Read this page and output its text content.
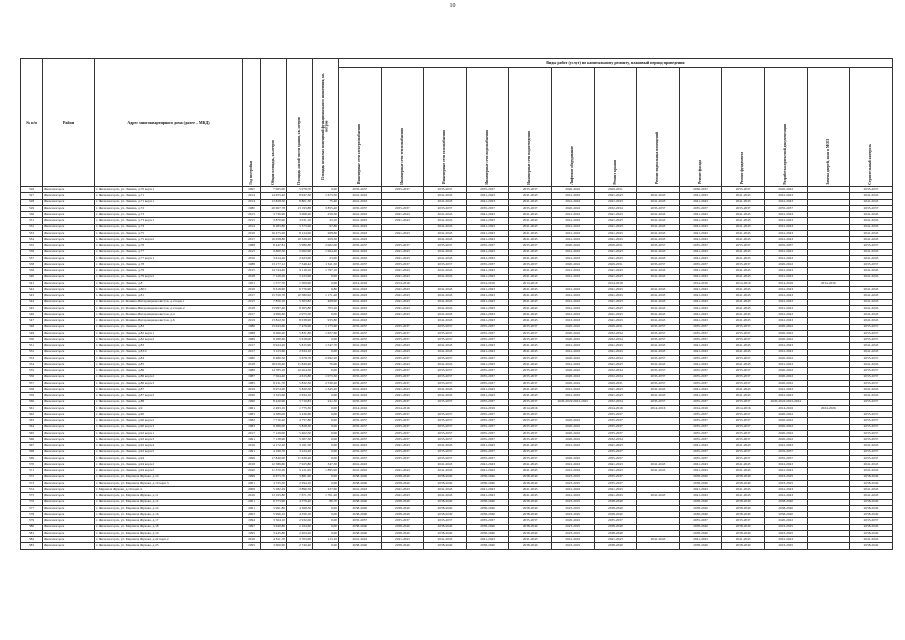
10
№ п/п	Район	Адрес многоквартирного дома (далее – МКД)	Год постройки	Общая площадь, кв.метров	Площадь жилой части здания, кв. метров	Площадь нежилых помещений функционального назначения, кв. метров	Виды работ (услуг) по капитальному ремонту, плановый период проведения												
							Инженерные сети электроснабжения	Инженерные сети теплоснабжения	Инженерные сети газоснабжения	Инженерные сети водоснабжения	Инженерные сети водоотведения	Лифтовое оборудование	Ремонт крыши	Ремонт подвальных помещений	Ремонт фасада	Ремонт фундамента	Разработка проектной документации	Замена дверей, окон в МОП	Строительный контроль
526	Железногорск	г. Железногорск, ул. Ленина, д.70 корп.1	1997	7 065,00	5 078,70	0,00	2035-2037	2035-2037	2035-2037	2035-2037	2035-2037	2020-2022	2029-2031		2036-2037	2035-2037	2020-2022		2035-2037
527	Железногорск	г. Железногорск, ул. Ленина, д.71	2014	14 655,40	8 947,30	1 673,50	2041-2043		2041-2043	2041-2043	2041-2043	2041-2043	2041-2043	2041-2043	2041-2043	2041-2043	2041-2043		2041-2043
528	Железногорск	г. Железногорск, ул. Ленина, д.71 корп.1	2014	13 828,50	8 801,30	75,40	2041-2043		2041-2043	2041-2043	2041-2043	2041-2043	2041-2043	2041-2043	2041-2043	2041-2043	2041-2043		2041-2043
529	Железногорск	г. Железногорск, ул. Ленина, д.72	1980	20 067,78	13 195,88	3 855,40	2035-2037	2035-2037	2035-2037	2035-2037	2035-2037	2020-2022	2032-2034	2035-2037	2035-2037	2035-2037	2035-2037		2035-2037
530	Железногорск	г. Железногорск, ул. Ленина, д.73	2015	3 730,90	3 008,20	256,50	2041-2043	2041-2043	2041-2043	2041-2043	2041-2043	2041-2043	2041-2043	2041-2043	2041-2043	2041-2043	2041-2043		2041-2043
531	Железногорск	г. Железногорск, ул. Ленина, д.73 корп.1	2015	3 870,90	3 031,10	23,10	2041-2043	2041-2043	2041-2043	2041-2043	2041-2043	2041-2043	2041-2043	2041-2043	2041-2043	2041-2043	2041-2043		2041-2043
532	Железногорск	г. Железногорск, ул. Ленина, д.74	2014	8 283,80	5 373,00	97,80	2041-2043		2041-2043	2041-2043	2041-2043	2041-2043	2041-2043	2041-2043	2041-2043	2041-2043	2041-2043		2041-2043
533	Железногорск	г. Железногорск, ул. Ленина, д.75	2016	10 475,20	8 124,00	268,60	2041-2043	2041-2043	2041-2043	2041-2043	2041-2043	2041-2043	2041-2043	2041-2043	2041-2043	2041-2043	2041-2043		2041-2043
534	Железногорск	г. Железногорск, ул. Ленина, д.75 корп.2	2017	16 058,80	10 528,20	209,30	2041-2043		2041-2043	2041-2043	2041-2043	2041-2043	2041-2043	2041-2043	2041-2043	2041-2043	2041-2043		2041-2043
535	Железногорск	г. Железногорск, ул. Ленина, д.76	1988	8 447,81	5 980,80	2 062,00	2035-2037	2035-2037	2035-2037	2035-2037	2035-2037	2020-2022	2029-2031	2035-2037	2035-2037	2035-2037	2035-2037		2035-2037
536	Железногорск	г. Железногорск, ул. Ленина, д.77	2015	9 860,50	5 062,90	1 064,40	2041-2043	2041-2043	2041-2043	2041-2043	2041-2043	2041-2043	2041-2043	2041-2043	2041-2043	2041-2043	2041-2043		2041-2043
537	Железногорск	г. Железногорск, ул. Ленина, д.77 корп.1	2016	3 614,20	2 623,00	23,00	2041-2043	2041-2043	2041-2043	2041-2043	2041-2043	2041-2043	2041-2043	2041-2043	2041-2043	2041-2043	2041-2043		2041-2043
538	Железногорск	г. Железногорск, ул. Ленина, д.78	1988	13 177,12	7 549,42	1 611,50	2035-2037	2035-2037	2035-2037	2035-2037	2035-2037	2020-2022	2029-2031	2035-2037	2035-2037	2035-2037	2020-2022		2035-2037
539	Железногорск	г. Железногорск, ул. Ленина, д.79	2015	14 744,40	9 118,10	1 797,10	2041-2043	2041-2043	2041-2043	2041-2043	2041-2043	2041-2043	2041-2043	2041-2043	2041-2043	2041-2043	2041-2043		2041-2043
540	Железногорск	г. Железногорск, ул. Ленина, д.79 корп.2	2018	7 129,20	5 223,90	0,00	2041-2043	2041-2043	2041-2043	2041-2043	2041-2043	2041-2043	2041-2043	2041-2043	2041-2043	2041-2043	2041-2043		2041-2043
541	Железногорск	г. Железногорск, ул. Ленина, д.8	1951	1 577,70	1 509,90	0,00	2014-2016	2014-2016		2014-2016	2014-2016		2014-2016		2014-2016	2014-2016	2014-2016	2014-2016	
542	Железногорск	г. Железногорск, ул. Ленина, д.80/1	2016	9 618,60	6 776,90	6,80	2041-2043	2041-2043	2041-2043	2041-2043	2041-2043	2041-2043	2041-2043	2041-2043	2041-2043	2041-2043	2041-2043		2041-2043
543	Железногорск	г. Железногорск, ул. Ленина, д.81	2017	15 550,70	10 380,92	1 171,40	2041-2043	2041-2043	2041-2043	2041-2043	2041-2043	2041-2043	2041-2043	2041-2043	2041-2043	2041-2043	2041-2043		2041-2043
544	Железногорск	г. Железногорск, ул. Фанина-Интернационалистов, д.2 корп.1	2015	7 850,10	5 303,82	468,90	2041-2043	2041-2043	2041-2043	2041-2043	2041-2043	2041-2043	2041-2043	2041-2043	2041-2043	2041-2043	2041-2043		2041-2043
545	Железногорск	г. Железногорск, ул. Фанина-Интернационалистов, д.2 корп.2	2018	13 997,40	8 305,80	705,20	2041-2043	2041-2043	2041-2043	2041-2043	2041-2043	2041-2043	2041-2043	2041-2043	2041-2043	2041-2043	2041-2043		2041-2043
546	Железногорск	г. Железногорск, ул. Фанина-Интернационалистов, д.4	2017	4 699,60	2 975,50	0,00	2041-2043	2041-2043	2041-2043	2041-2043	2041-2043	2041-2043	2041-2043	2041-2043	2041-2043	2041-2043	2041-2043		2041-2043
547	Железногорск	г. Железногорск, ул. Фанина-Интернационалистов, д.6	2019	13 822,50	8 038,90	935,80	2041-2043		2041-2043	2041-2043	2041-2043	2041-2043	2041-2043	2041-2043	2041-2043	2041-2043	2041-2043		2041-2043
548	Железногорск	г. Железногорск, ул. Ленина, д.82	1986	13 043,60	7 476,90	1 173,60	2035-2037	2035-2037	2035-2037	2035-2037	2035-2037	2020-2022	2029-2031	2035-2037	2035-2037	2035-2037	2020-2022		2035-2037
549	Железногорск	г. Железногорск, ул. Ленина, д.82 корп.1	1988	9 060,20	5 831,80	1 657,60	2035-2037	2035-2037	2035-2037	2035-2037	2035-2037	2020-2022	2032-2034	2035-2037	2035-2037	2035-2037	2020-2022		2035-2037
550	Железногорск	г. Железногорск, ул. Ленина, д.82 корп.2	1989	8 289,60	5 618,00	0,00	2035-2037	2035-2037	2035-2037	2035-2037	2035-2037	2020-2022	2032-2034	2035-2037	2035-2037	2035-2037	2020-2022		2035-2037
551	Железногорск	г. Железногорск, ул. Ленина, д.83	2017	9 924,20	5 815,90	1 547,70	2041-2043	2041-2043	2041-2043	2041-2043	2041-2043	2041-2043	2041-2043	2041-2043	2041-2043	2041-2043	2041-2043		2041-2043
552	Железногорск	г. Железногорск, ул. Ленина, д.83/2	2017	3 123,60	2 634,10	0,00	2041-2043	2041-2043	2041-2043	2041-2043	2041-2043	2041-2043	2041-2043	2041-2043	2041-2043	2041-2043	2041-2043		2041-2043
553	Железногорск	г. Железногорск, ул. Ленина, д.84	1980	8 480,50	5 678,70	2 092,20	2035-2037	2035-2037	2035-2037	2035-2037	2035-2037	2020-2022	2032-2034	2035-2037	2035-2037	2035-2037	2020-2022		2035-2037
554	Железногорск	г. Железногорск, ул. Ленина, д.85	2018	18 016,40	11 849,40	76,90	2041-2043	2041-2043	2041-2043	2041-2043	2041-2043	2041-2043	2041-2043	2041-2043	2041-2043	2041-2043	2041-2043		2041-2043
555	Железногорск	г. Железногорск, ул. Ленина, д.86	1989	14 785,10	10 204,30	0,00	2035-2037	2035-2037	2035-2037	2035-2037	2035-2037	2020-2022	2032-2034	2035-2037	2035-2037	2035-2037	2020-2022		2035-2037
556	Железногорск	г. Железногорск, ул. Ленина, д.86 корп.2	1987	7 564,40	4 615,80	1 073,30	2035-2037	2035-2037	2035-2037	2035-2037	2035-2037	2020-2022	2032-2034	2035-2037	2035-2037	2035-2037	2020-2022		2035-2037
557	Железногорск	г. Железногорск, ул. Ленина, д.86 корп.3	1985	8 231,70	5 832,50	2 530,20	2035-2037	2035-2037	2035-2037	2035-2037	2035-2037	2020-2022	2029-2031	2035-2037	2035-2037	2035-2037	2020-2022		2035-2037
558	Железногорск	г. Железногорск, ул. Ленина, д.87	2019	9 974,20	5 820,50	1 345,20	2041-2043	2041-2043	2041-2043	2041-2043	2041-2043	2041-2043	2041-2043	2041-2043	2041-2043	2041-2043	2041-2043		2041-2043
559	Железногорск	г. Железногорск, ул. Ленина, д.87 корп.2	2026	3 323,60	2 634,10	0,00	2041-2043	2041-2043	2041-2043	2041-2043	2041-2043	2041-2043	2041-2043	2041-2043	2041-2043	2041-2043	2041-2043		2041-2043
560	Железногорск	г. Железногорск, ул. Ленина, д.88	1990	8 420,90	5 719,83	241,30	2035-2037	2035-2037	2035-2037	2035-2037	2035-2037	2020-2022/2023-2025	2032-2034	2035-2037	2035-2037	2035-2037	2020-2022/2023-2024		2035-2037
561	Железногорск	г. Железногорск, ул. Ленина, д.9	1961	2 493,10	1 775,30	0,00	2014-2016	2014-2016		2014-2016	2014-2016		2014-2016	2014-2016	2014-2016	2014-2016	2014-2016	2024-2026	
562	Железногорск	г. Железногорск, ул. Ленина, д.90	1983	4 389,00	3 436,60	0,00	2035-2037	2035-2037	2035-2037	2035-2037	2035-2037		2035-2037		2035-2037	2035-2037	2020-2022		2035-2037
563	Железногорск	г. Железногорск, ул. Ленина, д.90 корп.2	1982	7 716,20	4 757,80	0,00	2035-2037	2035-2037	2035-2037	2035-2037	2035-2037	2020-2022	2035-2037		2035-2037	2035-2037	2020-2022		2035-2037
564	Железногорск	г. Железногорск, ул. Ленина, д.90 корп.3	1983	9 389,00	5 828,30	0,00	2035-2037	2035-2037	2035-2037	2035-2037	2035-2037	2020-2022	2035-2037		2035-2037	2035-2037	2020-2022		2035-2037
565	Железногорск	г. Железногорск, ул. Ленина, д.92 корп.1	2017	7 129,00	5 402,50	0,00	2035-2037	2035-2037	2035-2037	2035-2037	2035-2037	2020-2022	2035-2037		2035-2037	2035-2037	2020-2022		2035-2037
566	Железногорск	г. Железногорск, ул. Ленина, д.92 корп.3	1991	7 138,90	5 307,50	0,00	2035-2037	2035-2037	2035-2037	2035-2037	2035-2037	2020-2022	2032-2034		2035-2037	2035-2037	2020-2022		2035-2037
567	Железногорск	г. Железногорск, ул. Ленина, д.92 корп.4	2016	4 172,20	3 161,50	0,00	2041-2043	2041-2043	2041-2043	2041-2043	2041-2043	2041-2043	2041-2043		2041-2043	2041-2043	2041-2043		2041-2043
568	Железногорск	г. Железногорск, ул. Ленина, д.92 корп.5	1991	4 199,70	3 224,20	0,00	2035-2037	2035-2037	2035-2037	2035-2037	2035-2037		2035-2037		2035-2037	2035-2037	2035-2037		2035-2037
569	Железногорск	г. Железногорск, ул. Ленина, д.94	1996	17 840,00	11 636,20	0,00	2035-2037	2035-2037	2035-2037	2035-2037	2035-2037	2020-2022	2035-2037		2035-2037	2035-2037	2035-2037		2035-2037
570	Железногорск	г. Железногорск, ул. Ленина, д.94 корп.2	2018	12 586,60	7 925,80	347,30	2041-2043		2041-2043	2041-2043	2041-2043	2041-2043	2041-2043	2041-2043	2041-2043	2041-2043	2041-2043		2041-2043
571	Железногорск	г. Железногорск, ул. Ленина, д.94 корп.2	2020	11 370,20	5 121,95	1 895,90	2041-2043	2041-2043	2041-2043	2041-2043	2041-2043	2041-2043	2041-2043	2041-2043	2041-2043	2041-2043	2041-2043		2041-2043
572	Железногорск	г. Железногорск, ул. Маршала Жукова, д.10	1999	6 673,70	3 881,90	0,00	2038-2040	2038-2040	2038-2040	2038-2040	2038-2040	2023-2025	2035-2037		2038-2040	2038-2040	2023-2025		2038-2040
573	Железногорск	г. Железногорск, ул. Маршала Жукова, д.10 корп.3	2001	3 725,50	2 294,10	0,00	2038-2040	2038-2040	2038-2040	2038-2040	2038-2040	2023-2025	2035-2037		2038-2040	2038-2040	2023-2025		2038-2040
574	Железногорск	г. Маршала Жукова, д.10 корп.4	2009	5 282,29	3 896,59	437,60	2041-2043	2041-2043	2041-2043	2041-2043	2041-2043	2041-2043	2041-2043		2041-2043	2041-2043	2041-2043		2041-2043
575	Железногорск	г. Железногорск, ул. Маршала Жукова, д.11	2016	13 195,80	7 671,70	1 701,20	2041-2043	2041-2043	2041-2043	2041-2043	2041-2043	2041-2043	2041-2043	2041-2043	2041-2043	2041-2043	2041-2043		2041-2043
576	Железногорск	г. Железногорск, ул. Маршала Жукова, д.12	2001	6 573,90	4 379,40	86,70	2038-2040	2038-2040	2038-2040	2038-2040	2038-2040	2023-2025	2038-2040		2038-2040	2038-2040	2038-2040		2038-2040
577	Железногорск	г. Железногорск, ул. Маршала Жукова, д.14	2001	5 961,80	4 368,30	0,00	2038-2040	2038-2040	2038-2040	2038-2040	2038-2040	2023-2025	2038-2040		2038-2040	2038-2040	2038-2040		2038-2040
578	Железногорск	г. Железногорск, ул. Маршала Жукова, д.16	2003	5 996,10	4 550,10	0,00	2038-2040	2038-2040	2038-2040	2038-2040	2038-2040	2023-2025	2038-2040		2038-2040	2038-2040	2038-2040		2038-2040
579	Железногорск	г. Железногорск, ул. Маршала Жукова, д.17	1994	3 564,10	2 932,00	0,00	2035-2037	2035-2037	2035-2037	2035-2037	2035-2037	2020-2022	2035-2037		2035-2037	2035-2037	2020-2022		2035-2037
580	Железногорск	г. Железногорск, ул. Маршала Жукова, д.18	1997	3 649,80	2 164,60	0,00	2038-2040	2038-2040	2038-2040	2038-2040	2038-2040	2023-2025	2038-2040		2038-2040	2038-2040	2023-2025		2038-2040
581	Железногорск	г. Железногорск, ул. Маршала Жукова, д.19	1995	3 445,80	2 204,20	0,00	2038-2040	2038-2040	2038-2040	2038-2040	2038-2040	2023-2025	2038-2040		2038-2040	2038-2040	2023-2025		2038-2040
582	Железногорск	г. Железногорск, ул. Маршала Жукова, д.22 корп.2	2016	4 811,70	3 703,00	113,10	2041-2043	2041-2043	2041-2043	2041-2043	2041-2043	2041-2043	2041-2043	2041-2043	2041-2043	2041-2043	2041-2043		2041-2043
583	Железногорск	г. Железногорск, ул. Маршала Жукова, д.23	1995	3 600,90	2 740,40	0,00	2038-2040	2038-2040	2038-2040	2038-2040	2038-2040	2023-2025	2038-2040		2038-2040	2038-2040	2023-2025		2038-2040
